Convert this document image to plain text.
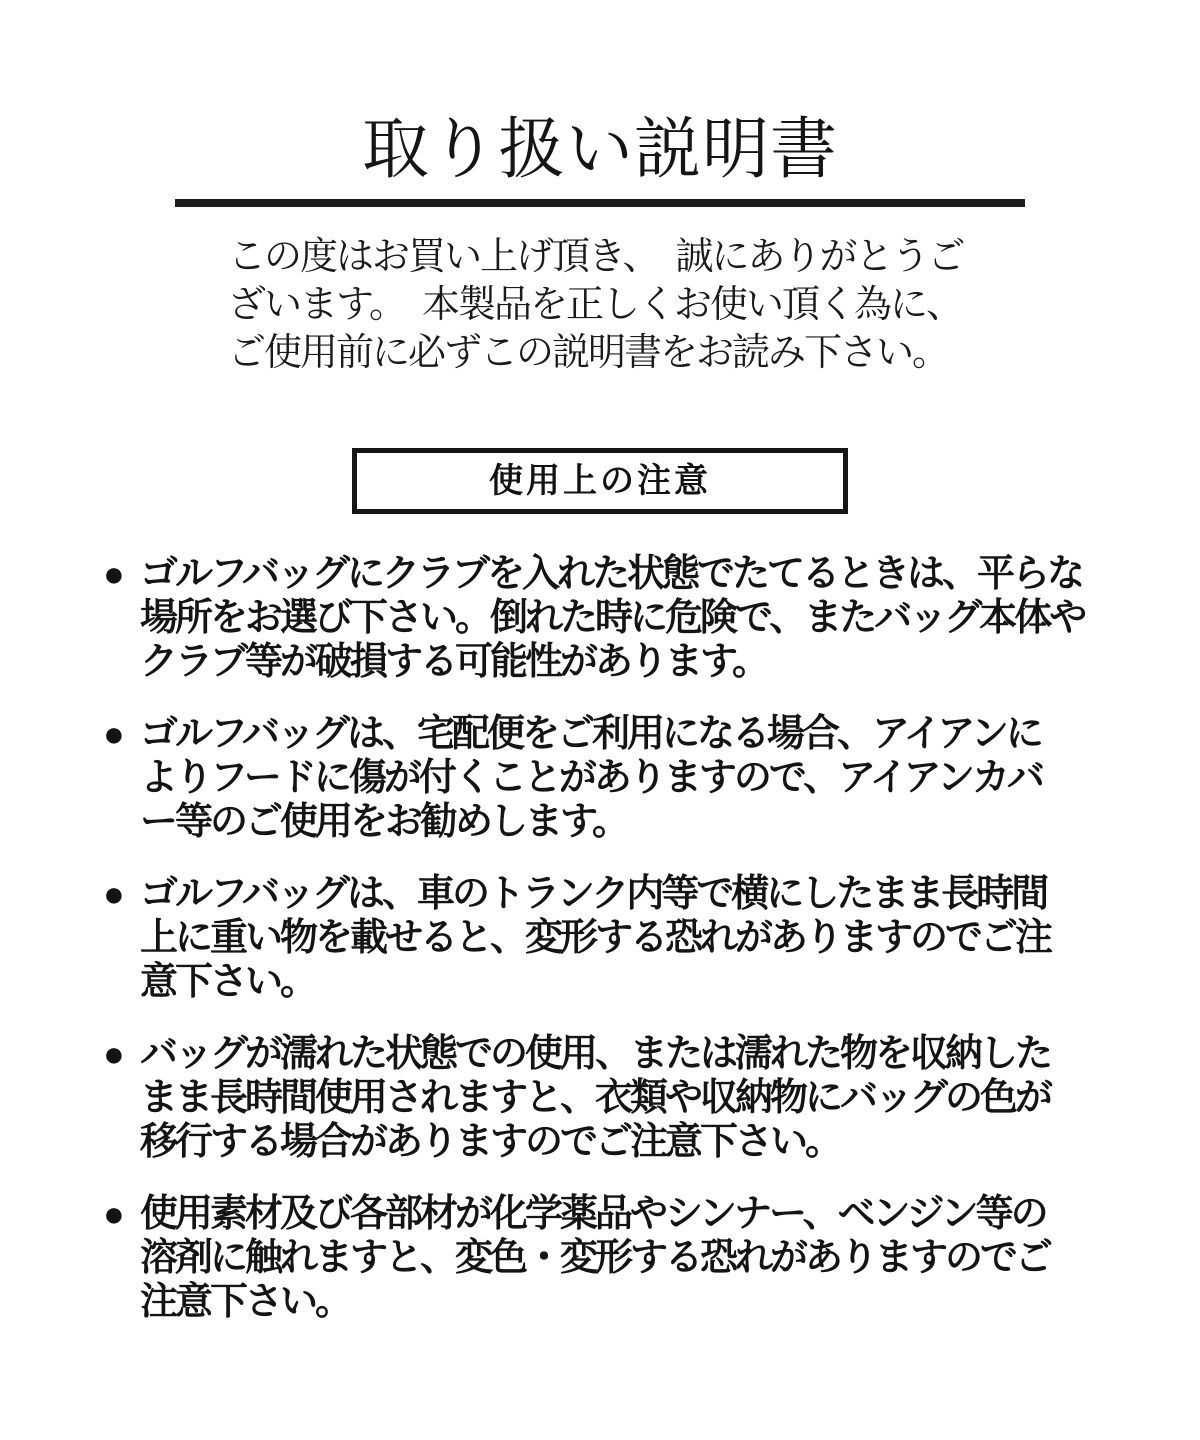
取り扱い説明書
この度はお買い上げ頂き、　誠にありがとうご
ざいます。　本製品を正しくお使い頂く為に、
ご使用前に必ずこの説明書をお読み下さい。
使用上の注意
● ゴルフバッグにクラブを入れた状態でたてるときは、平らな
場所をお選び下さい。倒れた時に危険で、またバッグ本体や
クラブ等が破損する可能性があります。
● ゴルフバッグは、宅配便をご利用になる場合、アイアンに
よりフードに傷が付くことがありますので、アイアンカバ
ー等のご使用をお勧めします。
● ゴルフバッグは、車のトランク内等で横にしたまま長時間
上に重い物を載せると、変形する恐れがありますのでご注
意下さい。
● バッグが濡れた状態での使用、または濡れた物を収納した
まま長時間使用されますと、衣類や収納物にバッグの色が
移行する場合がありますのでご注意下さい。
● 使用素材及び各部材が化学薬品やシンナー、ベンジン等の
溶剤に触れますと、変色・変形する恐れがありますのでご
注意下さい。
